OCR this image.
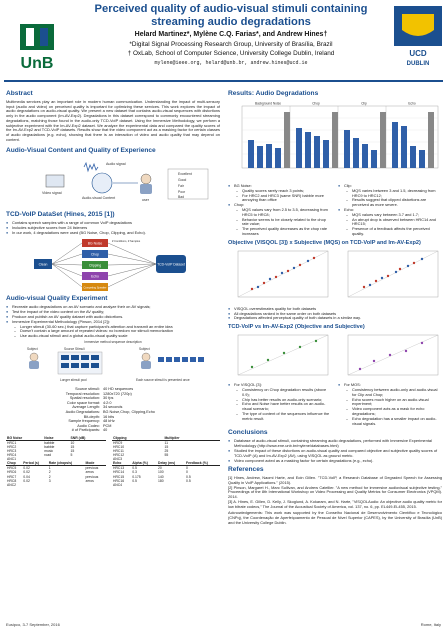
UnB
Perceived quality of audio-visual stimuli containing
streaming audio degradations
Helard Martinez*, Mylène C.Q. Farias*, and Andrew Hines†
*Digital Signal Processing Research Group, University of Brasília, Brazil
† OxLab, School of Computer Science, University College Dublin, Ireland
mylene@ieee.org, helard@unb.br, andrew.hines@ucd.ie
UCD
DUBLIN
Abstract
Multimedia services play an important role in modern human communication. Understanding the impact of multi-sensory input (audio and video) on perceived quality is important for optimizing these services. This work explores the impact of audio degradations on audio-visual quality. We present a new dataset that contains audio-visual sequences with distortions only in the audio component (Im-AV-Exp2). Degradations in this dataset correspond to commonly encountered streaming degradations, matching those found in the audio-only TCD-VoIP dataset. Using the Immersive Methodology, we perform a subjective experiment with the Im-AV-Exp2 dataset. We analyze the experimental data and compared the quality scores of the Im-AV-Exp2 and TCD-VoIP datasets. Results show that the video component act as a masking factor for certain classes of audio degradations (e.g. echo), showing that there is an interaction of video and audio quality that may depend on content.
Audio-Visual Content and Quality of Experience
Audio signal
Audio-visual Content
Video signal
user
Excellent
Good
Fair
Poor
Bad
TCD-VoIP DataSet (Hines, 2015 [1])
● Contains speech samples with a range of common VoIP degradations
● Includes subjective scores from 24 listeners
● In our work, 4 degradations were used (BG Noise, Chop, Clipping, and Echo).
Clean
BG Noise
Chop
Clipping
Echo
Competing Speaker
# Conditions, # Samples
TCD-VoIP Dataset
Audio-visual Quality Experiment
● Recreate audio degradations on an AV scenario and analyze their on AV signals;
● Test the impact of the video content on the AV quality;
● Produce and publish an AV quality dataset with audio distortions.
● Immersive Experimental Methodology (Pinson, 2014 [2]):
– Longer stimuli (30-60 sec.) that capture participant's attention and transmit an entire idea
– Doesn't contain a large amount of repeated videos: no boredom nor stimuli memorization
– Use audio-visual stimuli and a global audio-visual quality scale
Immersive method sequence description
Subject	Source Stimuli
Longer stimuli pool
Subject
Each source stimuli is presented once
Source stimuli: 40 HD sequences
Temporal resolution: 1280x720 (720p)
Spatial resolution: 30 fps
Color space format: 4:2:0
Average Length: 34 seconds
Audio Degradations: BG Noise,Chop, Clipping,Echo
Bit-depth: 16 bits
Sample frequency: 48 kHz
Audio Codec: PCM
# of Participants: 40
BG Noise	Noise	SNR (dB)
HRC1	babble	10
HRC2	babble	15
HRC3	music	15
HRC4	road	5
ANC1		
Clipping	Multiplier
HRC9	11
HRC10	15
HRC11	25
HRC12	55
ANC3	
Chop	Period (s)	Rate (chops/s)	Mode
HRC5	0.02	1	previous
HRC6	0.02	2	zeros
HRC7	0.04	2	previous
HRC8	0.02	3	zeros
ANC2			
Echo	Alpha (%)	Delay (ms)	Feedback (%)
HRC13	0.5	20	0
HRC14	0.3	100	0
HRC15	0.175	140	0.5
HRC16	0.5	180	0.5
ANC4			
Results: Audio Degradations
Background Noise	Chop	Clip	Echo
● BG Noise:
– Quality scores rarely reach 3 points;
– For HRC2 and HRC3 (same SNR) babble more annoying than office
● Chop:
– MQS values vary from 2.5 to 3.5, decreasing from HRC5 to HRC8;
– Behavior seems to be closely related to the chop rate value;
– The perceived quality decreases as the chop rate increases
● Clip:
– MQS varies between 3 and 1.5, decreasing from HRC9 to HRC12;
– Results suggest that clipped distortions are perceived as more severe.
● Echo:
– MQS values vary between 3.7 and 1.7;
– An abrupt drop is observed between HRC14 and HRC15;
– Presence of a feedback affects the perceived quality.
Objective (VISQOL [3]) x Subjective (MQS) on TCD-VoIP and Im-AV-Exp2)
● VISQOL overestimates quality for both datasets
● All degradations ranked in the same order on both datasets
● Degradations affected perceptual quality of both datasets in a similar way.
TCD-VoIP vs Im-AV-Exp2 (Objective and Subjective)
● For VISQOL [3]:
– Consistency on Chop degradation results (above 0.9);
– Chip has better results on audio-only scenario;
– Echo and Noise have better results on an audio-visual scenario;
– The type of content of the sequences influence the metric result.
● For MOS:
– Consistency between audio-only and audio-visual for Clip and Chop;
– Echo scores much higher on an audio-visual experiment;
– Video component acts as a mask for echo degradations;
– Echo degradation has a smaller impact on audio-visual signals.
Conclusions
● Database of audio-visual stimuli, containing streaming audio degradations, performed with Immersive Experimental Methodology (http://www.ene.unb.br/mylene/databases.html)
● Studied the impact of these distortions on audio-visual quality and compared objective and subjective quality scores of TCD-VoIP (A) and Im-AV-Exp2 (AV), using VISQOL as ground metric.
● Video component acted as a masking factor for certain degradations (e.g., echo).
References
[1] Hines, Andrew, Naomi Harte, and Eoin Gillen. "TCD-VoIP, a Research Database of Degraded Speech for Assessing Quality in VoIP Applications." (2015).
[2] Pinson, Margaret H., Marc Sullivan, and Andrew Catellier. "A new method for immersive audiovisual subjective testing." Proceedings of the 8th International Workshop on Video Processing and Quality Metrics for Consumer Electronics (VPQM). 2014.
[3] A. Hines, E. Gillen, D. Kelly, J. Skoglund, A. Kokaram, and N. Harte, "ViSQOLAudio: An objective audio quality metric for low bitrate codecs," The Journal of the Acoustical Society of America, vol. 137, no. 6, pp. EL449-EL455, 2015.
Acknowledgements: This work was supported by the Conselho Nacional de Desenvolvimento Científico e Tecnológico (CNPq), the Coordenação de Aperfeiçoamento de Pessoal de Nível Superior (CAPES), by the University of Brasília (UnB) and the University College Dublin.
Eusipco, 3-7 September, 2016	Rome, Italy
